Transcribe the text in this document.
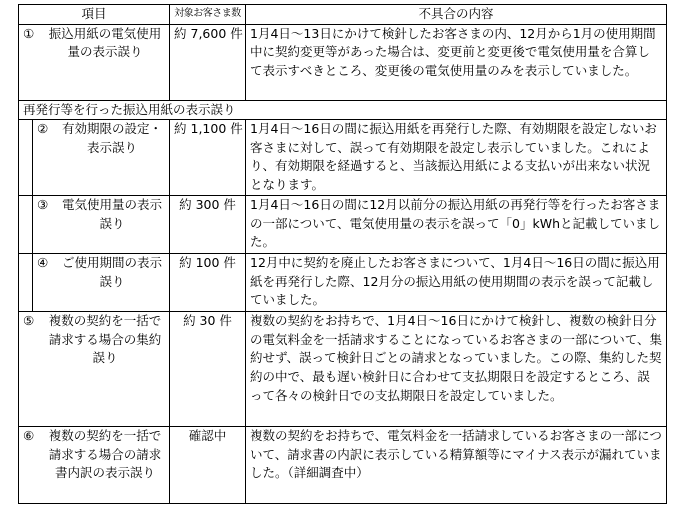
項目		対象お客さま数	不具合の内容

① 振込用紙の電気使用量の表示誤り		約 7,600 件	1月4日～13日にかけて検針したお客さまの内、12月から1月の使用期間中に契約変更等があった場合は、変更前と変更後で電気使用量を合算して表示すべきところ、変更後の電気使用量のみを表示していました。
再発行等を行った振込用紙の表示誤り			

	② 有効期限の設定・表示誤り	約 1,100 件	1月4日～16日の間に振込用紙を再発行した際、有効期限を設定しないお客さまに対して、誤って有効期限を設定し表示していました。これにより、有効期限を経過すると、当該振込用紙による支払いが出来ない状況となります。

	③ 電気使用量の表示誤り	約 300 件	1月4日～16日の間に12月以前分の振込用紙の再発行等を行ったお客さまの一部について、電気使用量の表示を誤って「0」kWhと記載していました。

	④ ご使用期間の表示誤り	約 100 件	12月中に契約を廃止したお客さまについて、1月4日～16日の間に振込用紙を再発行した際、12月分の振込用紙の使用期間の表示を誤って記載していました。

⑤ 複数の契約を一括で請求する場合の集約誤り		約 30 件	複数の契約をお持ちで、1月4日～16日にかけて検針し、複数の検針日分の電気料金を一括請求することになっているお客さまの一部について、集約せず、誤って検針日ごとの請求となっていました。この際、集約した契約の中で、最も遅い検針日に合わせて支払期限日を設定するところ、誤って各々の検針日での支払期限日を設定していました。

⑥ 複数の契約を一括で請求する場合の請求書内訳の表示誤り		確認中	複数の契約をお持ちで、電気料金を一括請求しているお客さまの一部について、請求書の内訳に表示している精算額等にマイナス表示が漏れていました。（詳細調査中）
